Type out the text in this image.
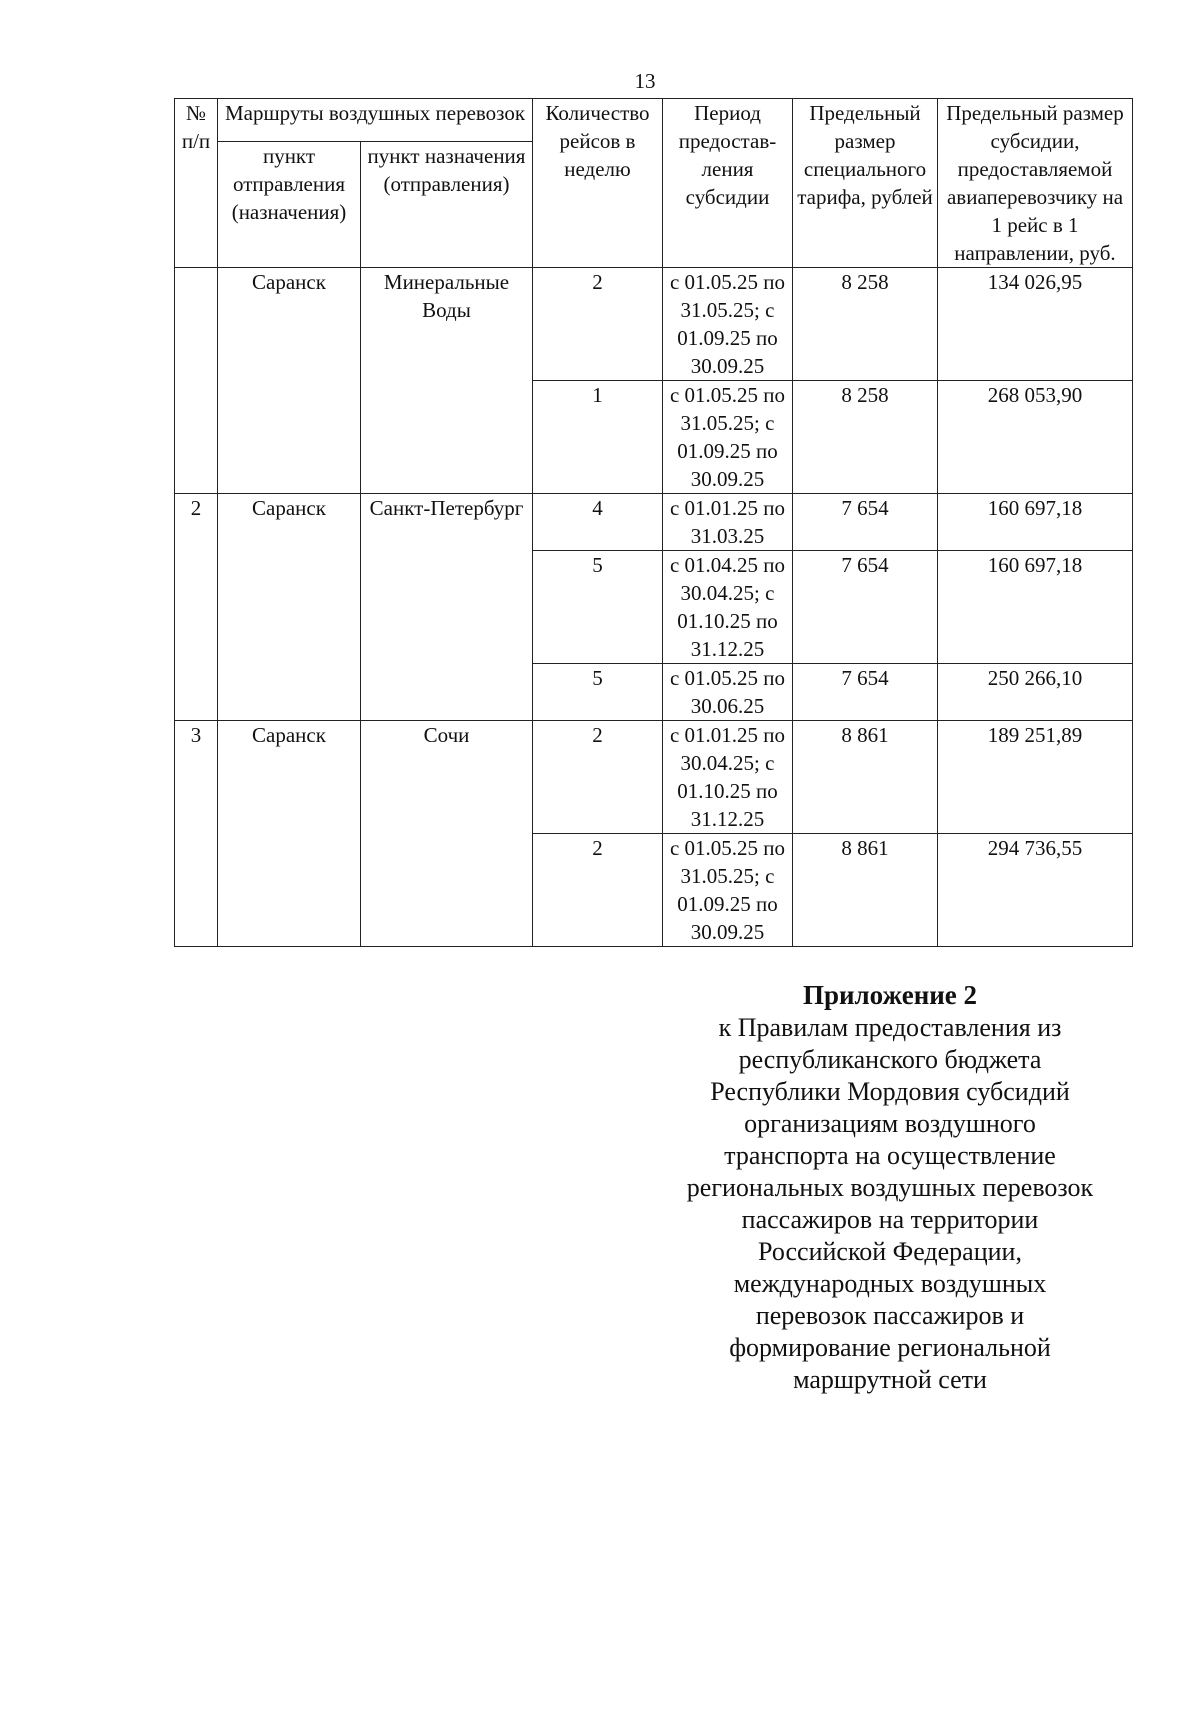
13
№ п/п	Маршруты воздушных перевозок		Количество рейсов в неделю	Период предостав-ления субсидии	Предельный размер специального тарифа, рублей	Предельный размер субсидии, предоставляемой авиаперевозчику на 1 рейс в 1 направлении, руб.
	пункт отправления (назначения)	пункт назначения (отправления)				
	Саранск	Минеральные Воды	2	с 01.05.25 по 31.05.25; с 01.09.25 по 30.09.25	8 258	134 026,95
			1	с 01.05.25 по 31.05.25; с 01.09.25 по 30.09.25	8 258	268 053,90
2	Саранск	Санкт-Петербург	4	с 01.01.25 по 31.03.25	7 654	160 697,18
			5	с 01.04.25 по 30.04.25; с 01.10.25 по 31.12.25	7 654	160 697,18
			5	с 01.05.25 по 30.06.25	7 654	250 266,10
3	Саранск	Сочи	2	с 01.01.25 по 30.04.25; с 01.10.25 по 31.12.25	8 861	189 251,89
			2	с 01.05.25 по 31.05.25; с 01.09.25 по 30.09.25	8 861	294 736,55
Приложение 2
к Правилам предоставления из
республиканского бюджета
Республики Мордовия субсидий
организациям воздушного
транспорта на осуществление
региональных воздушных перевозок
пассажиров на территории
Российской Федерации,
международных воздушных
перевозок пассажиров и
формирование региональной
маршрутной сети
